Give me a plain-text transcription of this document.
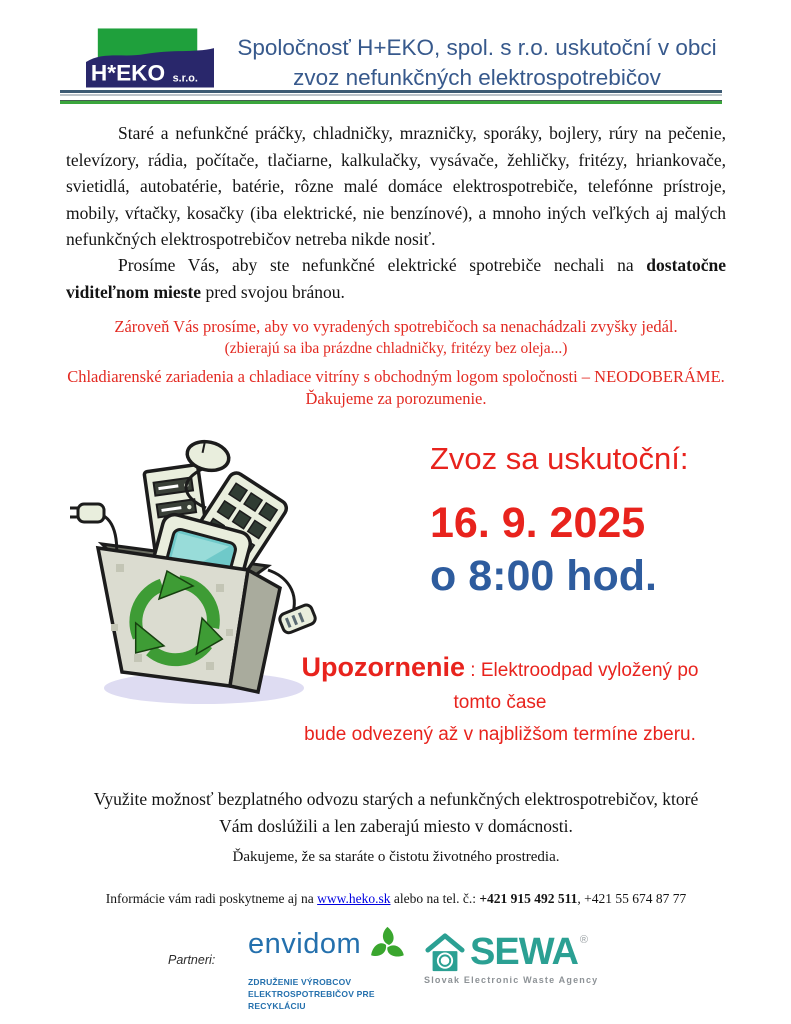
H*EKO s.r.o.
Spoločnosť H+EKO, spol. s r.o. uskutoční v obci
zvoz nefunkčných elektrospotrebičov
Staré a nefunkčné práčky, chladničky, mrazničky, sporáky, bojlery, rúry na pečenie, televízory, rádia, počítače, tlačiarne, kalkulačky, vysávače, žehličky, fritézy, hriankovače, svietidlá, autobatérie, batérie, rôzne malé domáce elektrospotrebiče, telefónne prístroje, mobily, vŕtačky, kosačky (iba elektrické, nie benzínové), a mnoho iných veľkých aj malých nefunkčných elektrospotrebičov netreba nikde nosiť.
Prosíme Vás, aby ste nefunkčné elektrické spotrebiče nechali na dostatočne viditeľnom mieste pred svojou bránou.
Zároveň Vás prosíme, aby vo vyradených spotrebičoch sa nenachádzali zvyšky jedál.
(zbierajú sa iba prázdne chladničky, fritézy bez oleja...)
Chladiarenské zariadenia a chladiace vitríny s obchodným logom spoločnosti – NEODOBERÁME.
Ďakujeme za porozumenie.
Zvoz sa uskutoční:
16. 9. 2025
o 8:00 hod.
Upozornenie : Elektroodpad vyložený po tomto čase
bude odvezený až v najbližšom termíne zberu.
Využite možnosť bezplatného odvozu starých a nefunkčných elektrospotrebičov, ktoré
Vám doslúžili a len zaberajú miesto v domácnosti.
Ďakujeme, že sa staráte o čistotu životného prostredia.
Informácie vám radi poskytneme aj na www.heko.sk alebo na tel. č.: +421 915 492 511, +421 55 674 87 77
Partneri: envidom
ZDRUŽENIE VÝROBCOV
ELEKTROSPOTREBIČOV PRE RECYKLÁCIU
SEWA ®
Slovak Electronic Waste Agency
